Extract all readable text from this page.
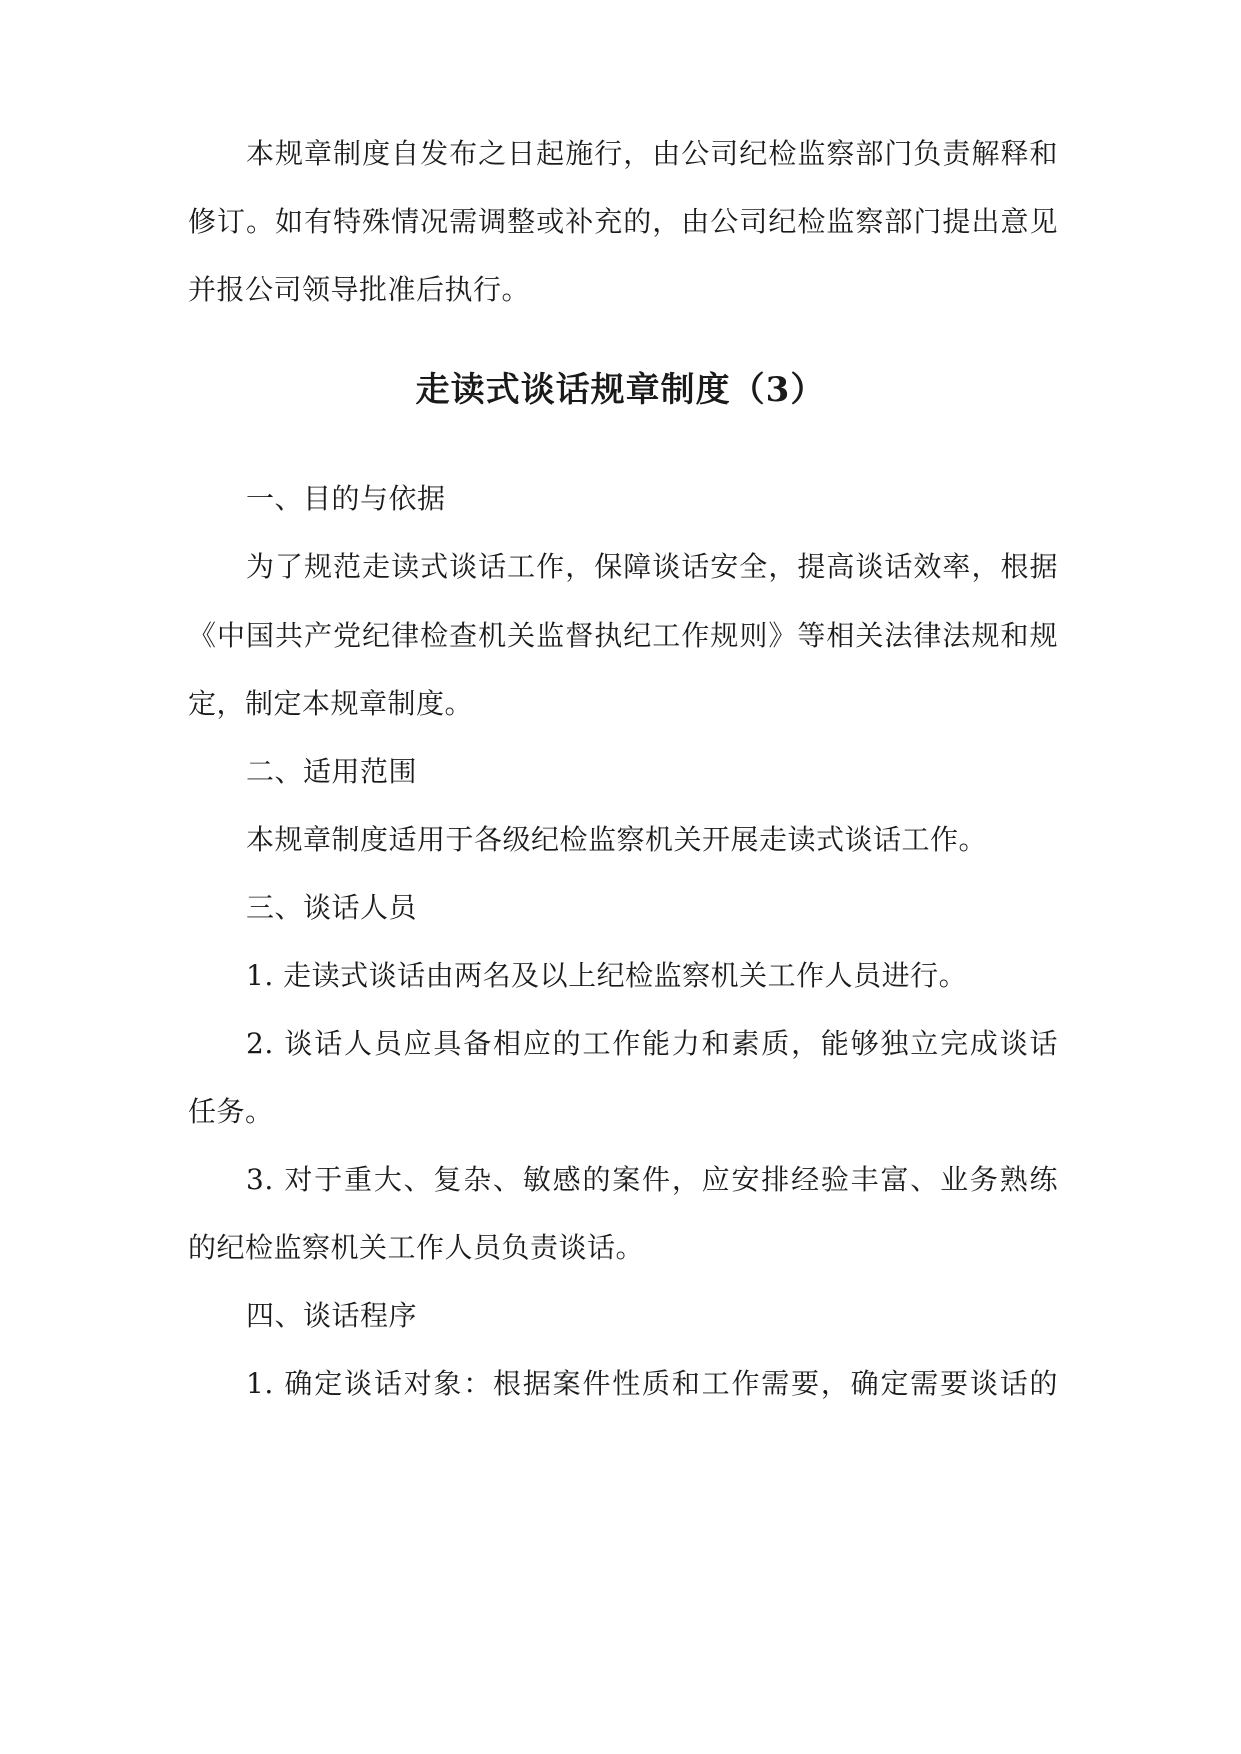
本规章制度自发布之日起施行，由公司纪检监察部门负责解释和
修订。如有特殊情况需调整或补充的，由公司纪检监察部门提出意见
并报公司领导批准后执行。
走读式谈话规章制度（3）
一、目的与依据
为了规范走读式谈话工作，保障谈话安全，提高谈话效率，根据
《中国共产党纪律检查机关监督执纪工作规则》等相关法律法规和规
定，制定本规章制度。
二、适用范围
本规章制度适用于各级纪检监察机关开展走读式谈话工作。
三、谈话人员
1. 走读式谈话由两名及以上纪检监察机关工作人员进行。
2. 谈话人员应具备相应的工作能力和素质，能够独立完成谈话
任务。
3. 对于重大、复杂、敏感的案件，应安排经验丰富、业务熟练
的纪检监察机关工作人员负责谈话。
四、谈话程序
1. 确定谈话对象：根据案件性质和工作需要，确定需要谈话的
